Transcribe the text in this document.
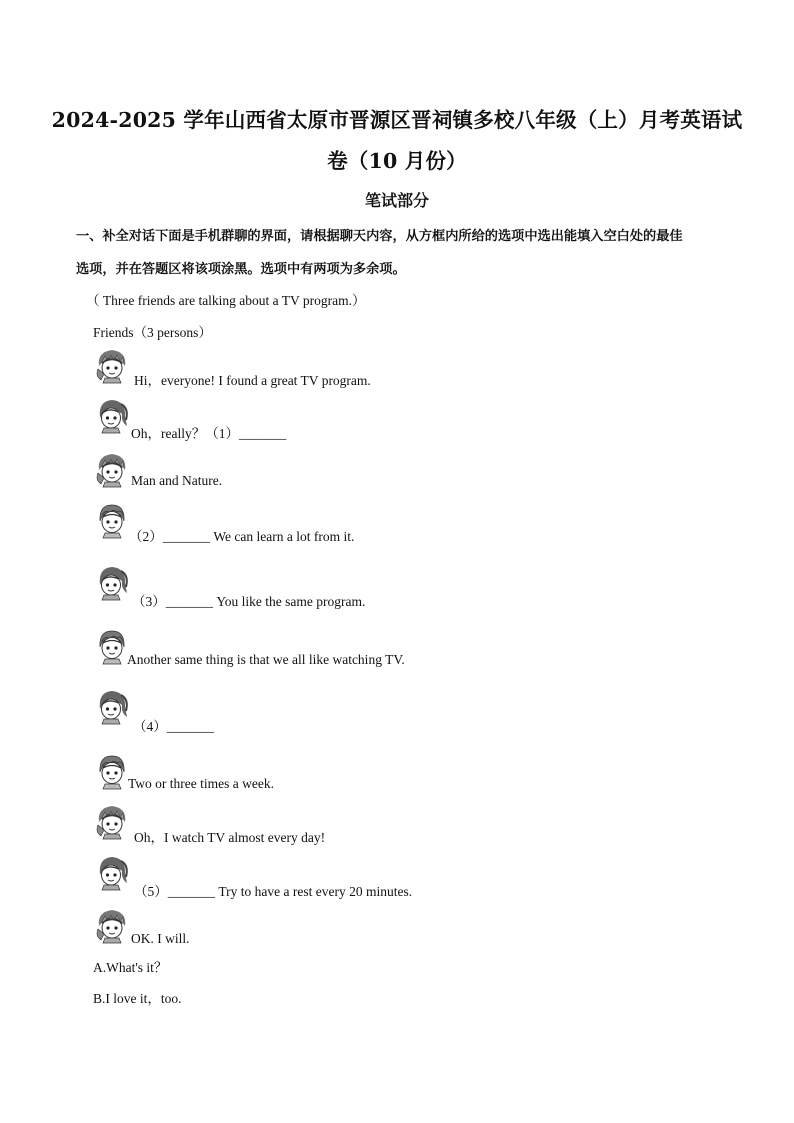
2024-2025 学年山西省太原市晋源区晋祠镇多校八年级（上）月考英语试
卷（10 月份）
笔试部分
一、补全对话下面是手机群聊的界面，请根据聊天内容，从方框内所给的选项中选出能填入空白处的最佳
选项，并在答题区将该项涂黑。选项中有两项为多余项。
（ Three friends are talking about a TV program.）
Friends（3 persons）
Hi，everyone! I found a great TV program.
Oh，really？（1）_______
Man and Nature.
（2）_______ We can learn a lot from it.
（3）_______ You like the same program.
Another same thing is that we all like watching TV.
（4）_______
Two or three times a week.
Oh，I watch TV almost every day!
（5）_______ Try to have a rest every 20 minutes.
OK. I will.
A.What's it？
B.I love it，too.
